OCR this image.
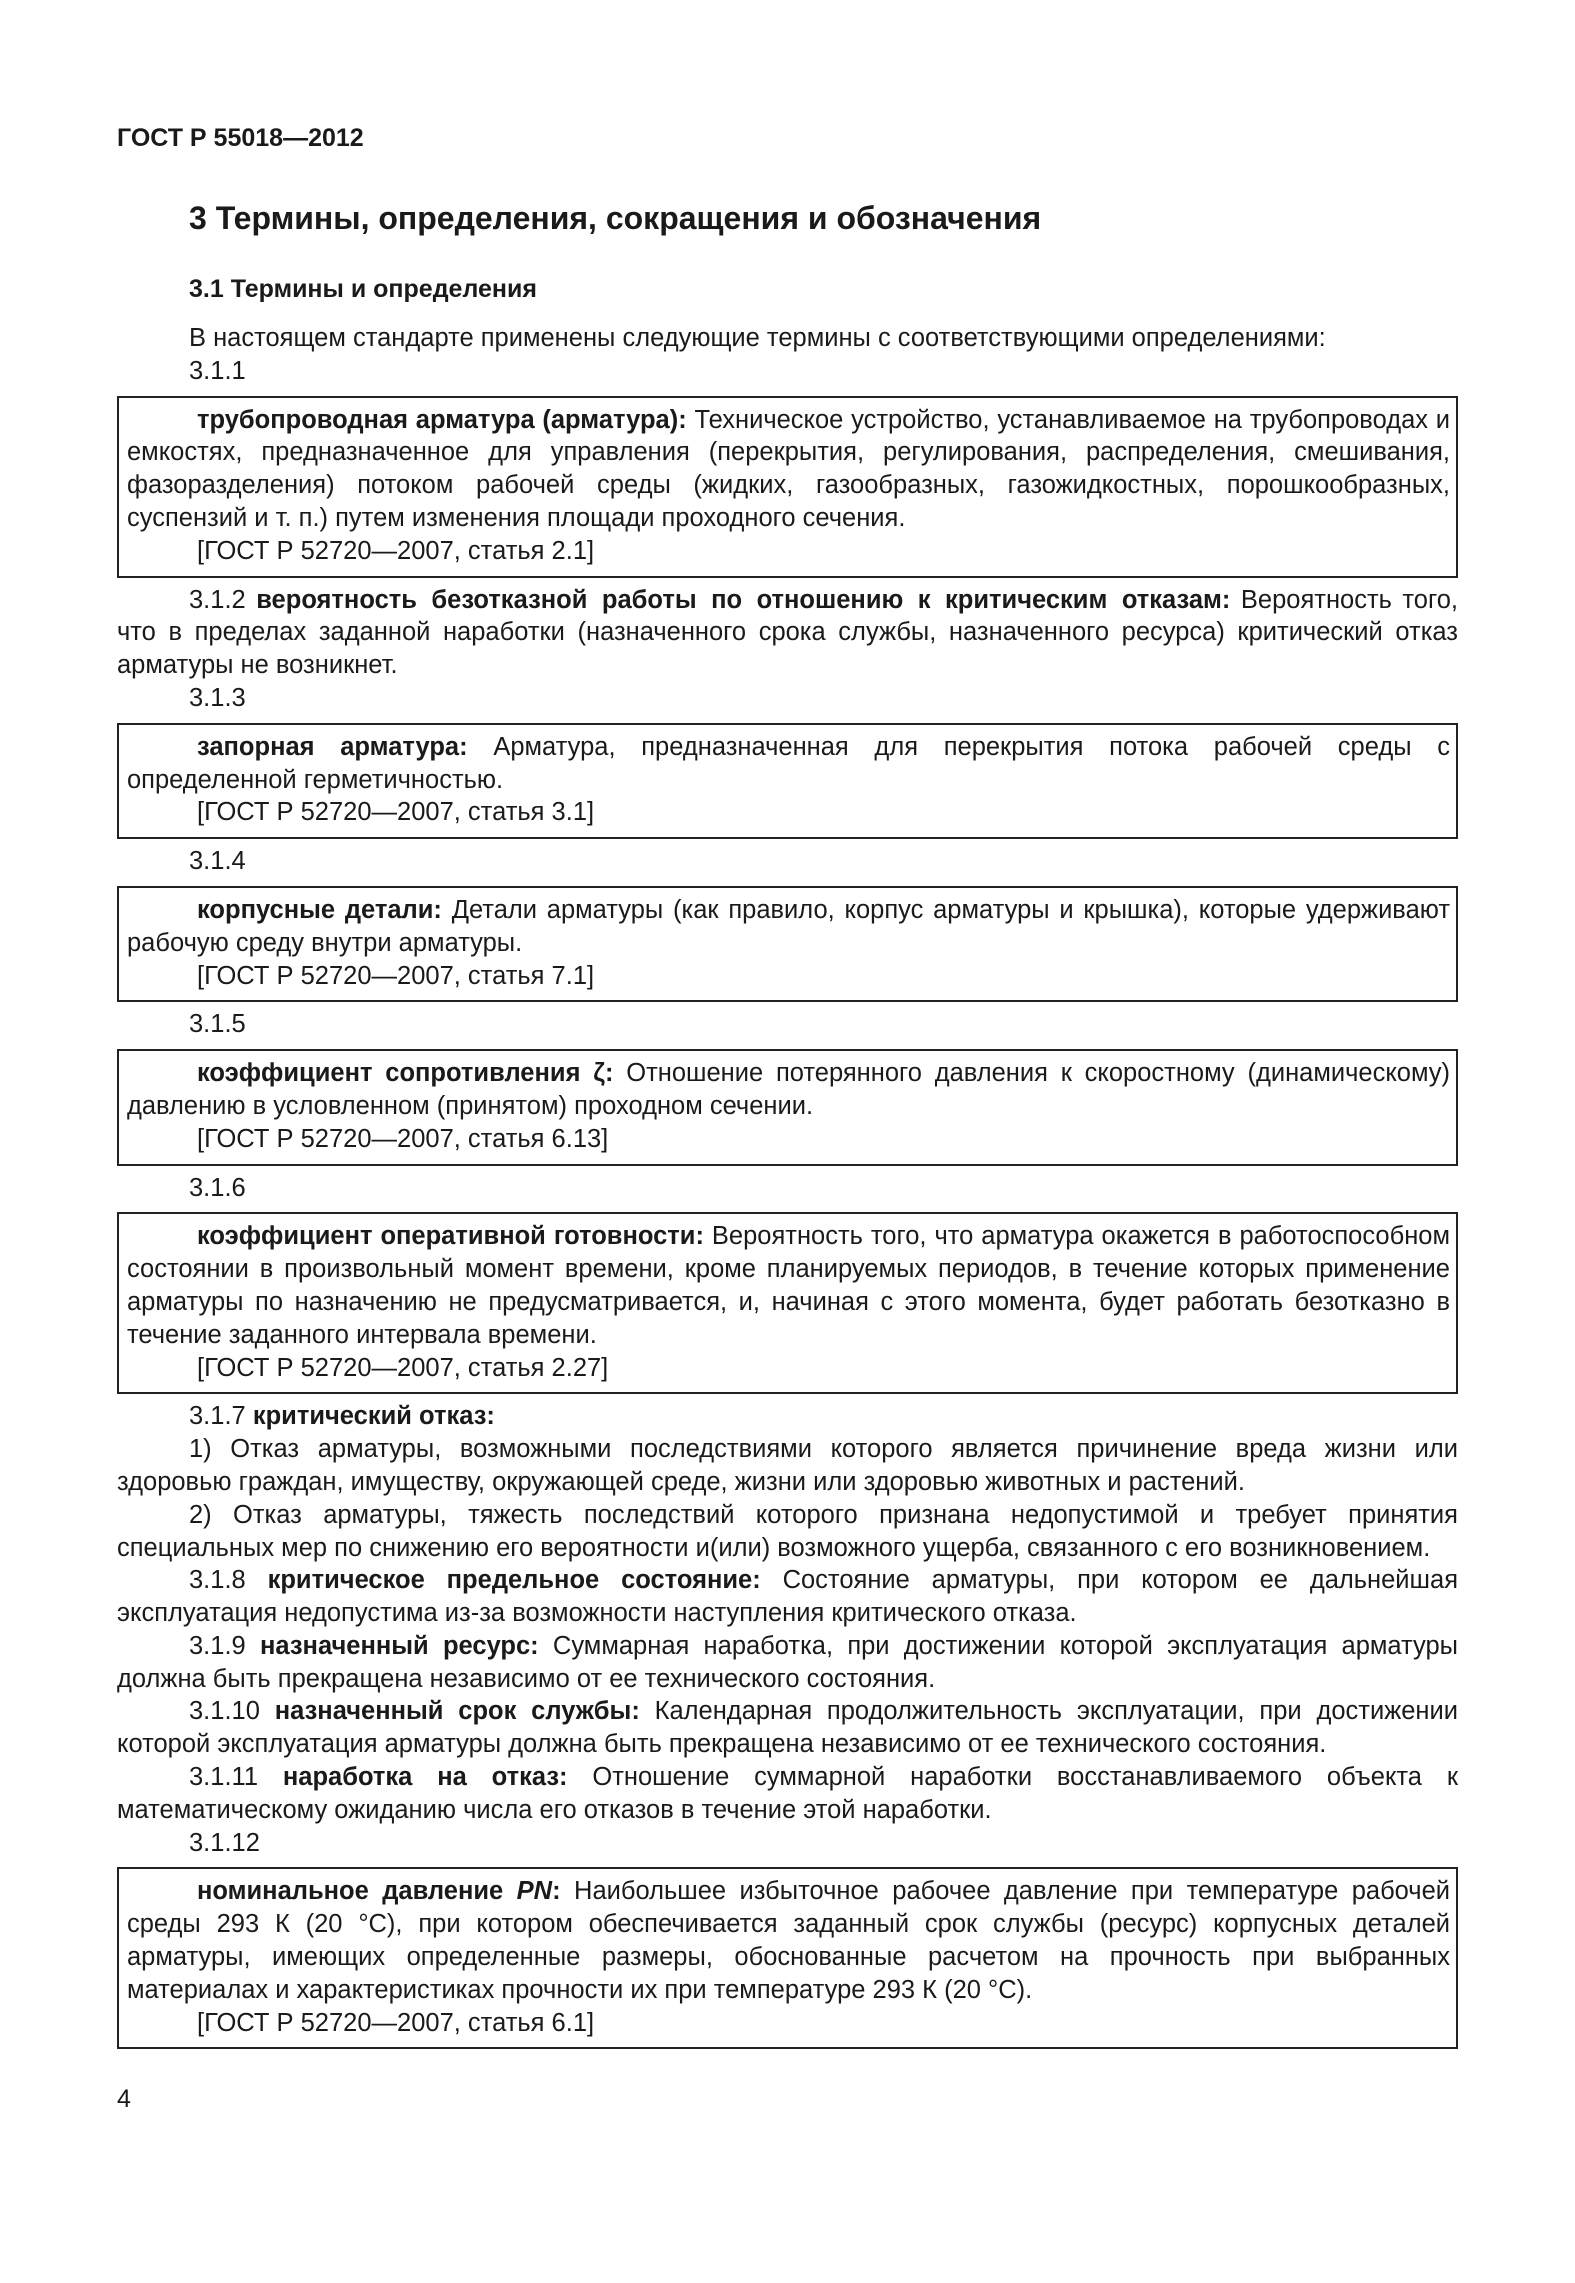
ГОСТ Р 55018—2012
3 Термины, определения, сокращения и обозначения
3.1 Термины и определения

В настоящем стандарте применены следующие термины с соответствующими определениями:

3.1.1

трубопроводная арматура (арматура): Техническое устройство, устанавливаемое на трубопроводах и емкостях, предназначенное для управления (перекрытия, регулирования, распределения, смешивания, фазоразделения) потоком рабочей среды (жидких, газообразных, газожидкостных, порошкообразных, суспензий и т. п.) путем изменения площади проходного сечения.

[ГОСТ Р 52720—2007, статья 2.1]

3.1.2 вероятность безотказной работы по отношению к критическим отказам: Вероятность того, что в пределах заданной наработки (назначенного срока службы, назначенного ресурса) критический отказ арматуры не возникнет.

3.1.3

запорная арматура: Арматура, предназначенная для перекрытия потока рабочей среды с определенной герметичностью.

[ГОСТ Р 52720—2007, статья 3.1]

3.1.4

корпусные детали: Детали арматуры (как правило, корпус арматуры и крышка), которые удерживают рабочую среду внутри арматуры.

[ГОСТ Р 52720—2007, статья 7.1]

3.1.5

коэффициент сопротивления ζ: Отношение потерянного давления к скоростному (динамическому) давлению в условленном (принятом) проходном сечении.

[ГОСТ Р 52720—2007, статья 6.13]

3.1.6

коэффициент оперативной готовности: Вероятность того, что арматура окажется в работоспособном состоянии в произвольный момент времени, кроме планируемых периодов, в течение которых применение арматуры по назначению не предусматривается, и, начиная с этого момента, будет работать безотказно в течение заданного интервала времени.

[ГОСТ Р 52720—2007, статья 2.27]

3.1.7 критический отказ:

1) Отказ арматуры, возможными последствиями которого является причинение вреда жизни или здоровью граждан, имуществу, окружающей среде, жизни или здоровью животных и растений.

2) Отказ арматуры, тяжесть последствий которого признана недопустимой и требует принятия специальных мер по снижению его вероятности и(или) возможного ущерба, связанного с его возникновением.

3.1.8 критическое предельное состояние: Состояние арматуры, при котором ее дальнейшая эксплуатация недопустима из-за возможности наступления критического отказа.

3.1.9 назначенный ресурс: Суммарная наработка, при достижении которой эксплуатация арматуры должна быть прекращена независимо от ее технического состояния.

3.1.10 назначенный срок службы: Календарная продолжительность эксплуатации, при достижении которой эксплуатация арматуры должна быть прекращена независимо от ее технического состояния.

3.1.11 наработка на отказ: Отношение суммарной наработки восстанавливаемого объекта к математическому ожиданию числа его отказов в течение этой наработки.

3.1.12

номинальное давление PN: Наибольшее избыточное рабочее давление при температуре рабочей среды 293 К (20 °С), при котором обеспечивается заданный срок службы (ресурс) корпусных деталей арматуры, имеющих определенные размеры, обоснованные расчетом на прочность при выбранных материалах и характеристиках прочности их при температуре 293 К (20 °С).

[ГОСТ Р 52720—2007, статья 6.1]

4
